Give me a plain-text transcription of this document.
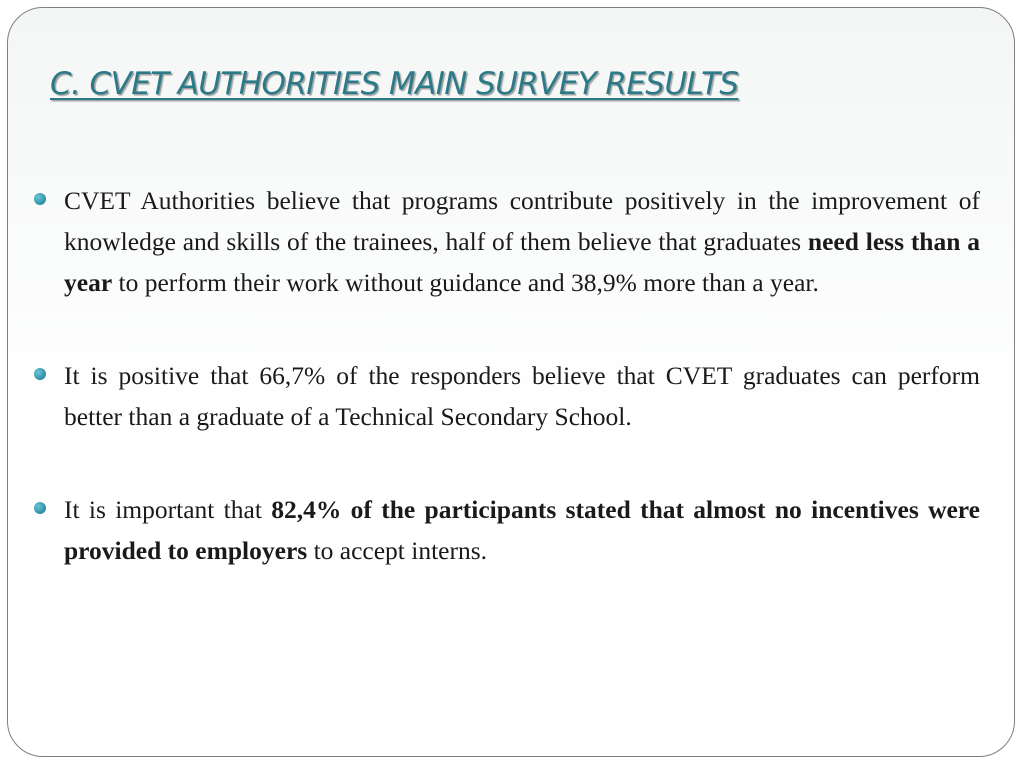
C. CVET AUTHORITIES MAIN SURVEY RESULTS
CVET Authorities believe that programs contribute positively in the improvement of knowledge and skills of the trainees, half of them believe that graduates need less than a year to perform their work without guidance and 38,9% more than a year.
It is positive that 66,7% of the responders believe that CVET graduates can perform better than a graduate of a Technical Secondary School.
It is important that 82,4% of the participants stated that almost no incentives were provided to employers to accept interns.
